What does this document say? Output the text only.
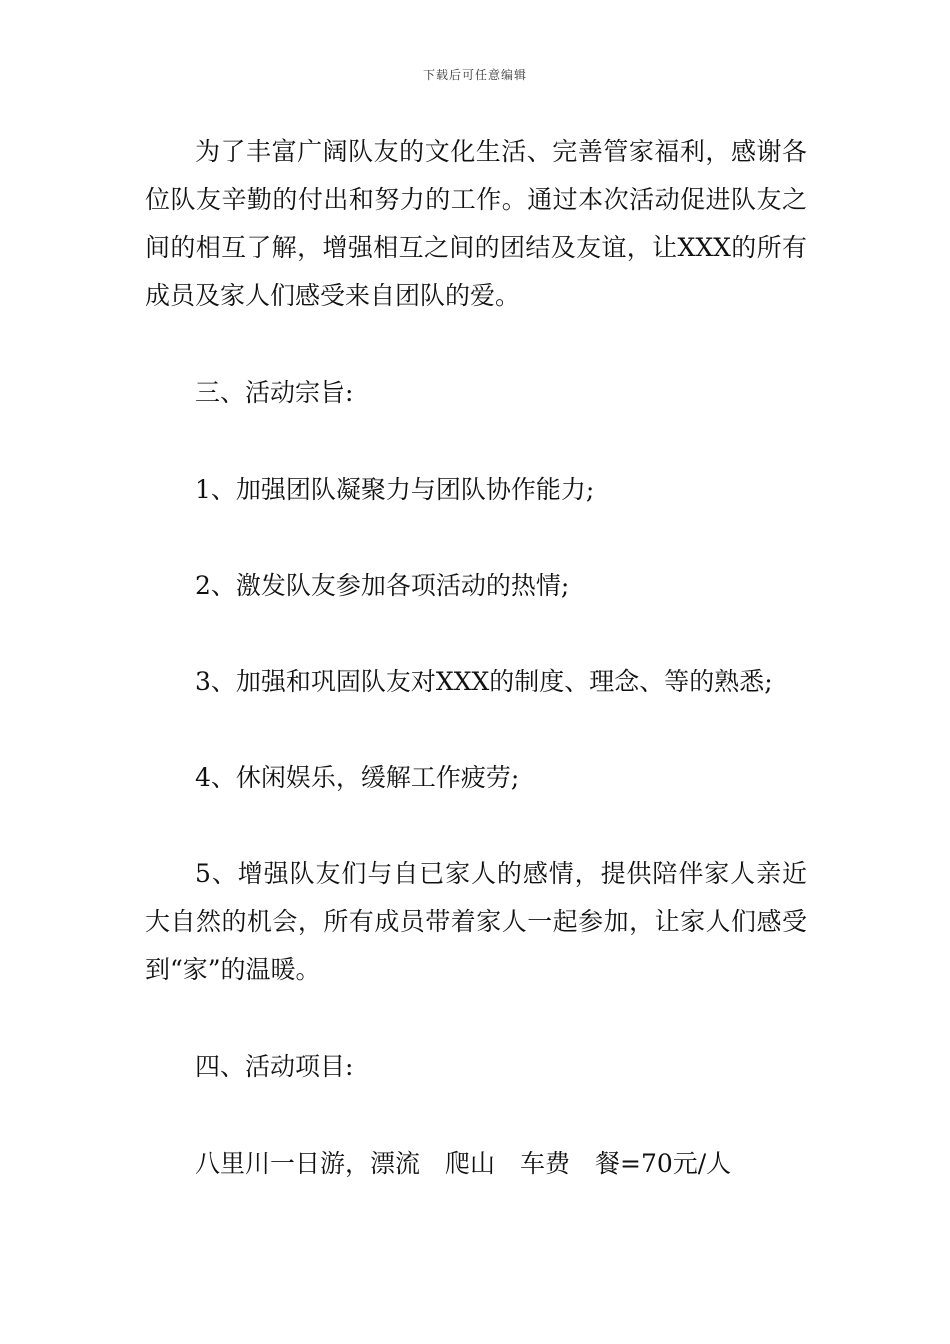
下载后可任意编辑

为了丰富广阔队友的文化生活、完善管家福利，感谢各位队友辛勤的付出和努力的工作。通过本次活动促进队友之间的相互了解，增强相互之间的团结及友谊，让XXX的所有成员及家人们感受来自团队的爱。

三、活动宗旨:

1、加强团队凝聚力与团队协作能力;

2、激发队友参加各项活动的热情;

3、加强和巩固队友对XXX的制度、理念、等的熟悉;

4、休闲娱乐，缓解工作疲劳;

5、增强队友们与自已家人的感情，提供陪伴家人亲近大自然的机会，所有成员带着家人一起参加，让家人们感受到“家”的温暖。

四、活动项目:

八里川一日游，漂流　爬山　车费　餐=70元/人
